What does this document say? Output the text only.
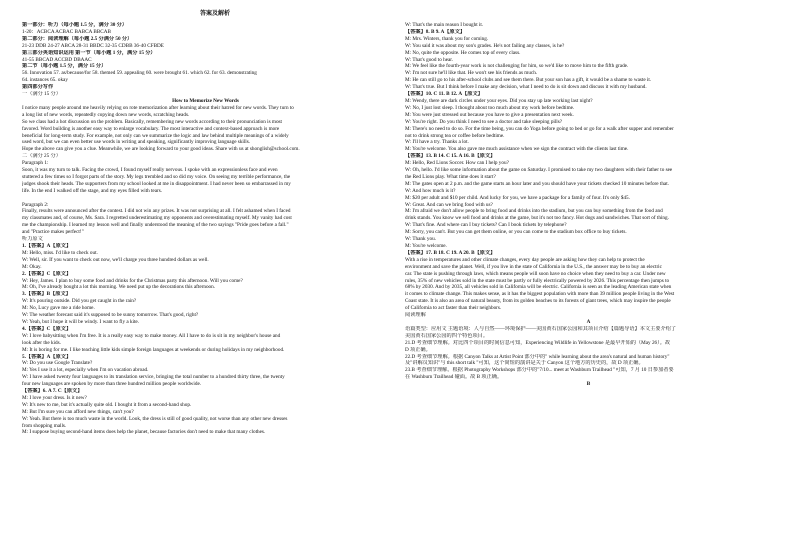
答案及解析
第一部分：听力（每小题 1.5 分，满分 30 分）
1-20：ACBCA ACBAC BABCA BBCAB
第二部分：阅读理解（每小题 2.5 分满分 50 分）
21-23 DDB 24-27 ABCA 28-31 BBDC 32-35 CDBB 36-40 CFBDE
第三部分英语知识运用 第一节（每小题 1 分，满分 15 分）
41-55 BBCAD ACCBD DBAAC
第二节（每小题 1.5 分，满分 15 分）
56. Innovation 57. as/because/for 58. themed 59. appealing 60. were brought 61. which 62. for 63. demonstrating
64. instances 65. okay
第四部分写作
一（满分 15 分）
How to Memorize New Words
I notice many people around me heavily relying on rote memorization after learning about their hatred for new words. They turn to
a long list of new words, repeatedly copying down new words, scratching heads.
So we class had a hot discussion on the problem. Basically, remembering new words according to their pronunciation is most
favored. Word building is another easy way to enlarge vocabulary. The most interactive and context-based approach is more
beneficial for long-term study. For example, not only can we summarize the logic and law behind multiple meanings of a widely
used word, but we can even better use words in writing and speaking, significantly improving language skills.
Hope the above can give you a clue. Meanwhile, we are looking forward to your good ideas. Share with us at shonglish@school.com.
二（满分 25 分）
Paragraph 1:
Soon, it was my turn to talk. Facing the crowd, I found myself really nervous. I spoke with an expressionless face and even
stuttered a few times so I forgot parts of the story. My legs trembled and so did my voice. On seeing my terrible performance, the
judges shook their heads. The supporters from my school looked at me in disappointment. I had never been so embarrassed in my
life. In the end I walked off the stage, and my eyes filled with tears.

Paragraph 2:
Finally, results were announced after the contest. I did not win any prizes. It was not surprising at all. I felt ashamed when I faced
my classmates and, of course, Ms. Sara. I regretted underestimating my opponents and overestimating myself. My vanity had cost
me the championship. I learned my lesson well and finally understood the meaning of the two sayings "Pride goes before a fall."
and "Practice makes perfect!"
听力原文
1.【答案】A【原文】
M: Hello, miss. I'd like to check out.
W: Well, sir. If you want to check out now, we'll charge you three hundred dollars as well.
M: Okay.
2.【答案】C【原文】
W: Hey, James. I plan to buy some food and drinks for the Christmas party this afternoon. Will you come?
M: Oh, I've already bought a lot this morning. We need put up the decorations this afternoon.
3.【答案】B【原文】
W: It's pouring outside. Did you get caught in the rain?
M: No, Lucy gave me a ride home.
W: The weather forecast said it's supposed to be sunny tomorrow. That's good, right?
W: Yeah, but I hope it will be windy. I want to fly a kite.
4.【答案】C【原文】
W: I love babysitting when I'm free. It is a really easy way to make money. All I have to do is sit in my neighbor's house and
look after the kids.
M: It is boring for me. I like teaching little kids simple foreign languages at weekends or during holidays in my neighborhood.
5.【答案】A【原文】
W: Do you use Google Translate?
M: Yes I use it a lot, especially when I'm on vacation abroad.
W: I have asked twenty four languages to its translation service, bringing the total number to a hundred thirty three, the twenty
four new languages are spoken by more than three hundred million people worldwide.
【答案】6. A 7. C【原文】
M: I love your dress. Is it new?
W: It's new to me, but it's actually quite old. I bought it from a second-hand shop.
M: But I'm sure you can afford new things, can't you?
W: Yeah. But there is too much waste in the world. Look, the dress is still of good quality, not worse than any other new dresses
from shopping malls.
M: I suppose buying second-hand items does help the planet, because factories don't need to make that many clothes.
W: That's the main reason I bought it.
【答案】8. B 9. A【原文】
M: Mrs. Winters, thank you for coming.
W: You said it was about my son's grades. He's not failing any classes, is he?
M: No, quite the opposite. He comes top of every class.
W: That's good to hear.
M: We feel like the fourth-year work is not challenging for him, so we'd like to move him to the fifth grade.
W: I'm not sure he'll like that. He won't see his friends as much.
M: He can still go to his after-school clubs and see them there. But your son has a gift, it would be a shame to waste it.
W: That's true. But I think before I make any decision, what I need to do is sit down and discuss it with my husband.
【答案】10. C 11. B 12. A【原文】
M: Wendy, there are dark circles under your eyes. Did you stay up late working last night?
W: No, I just lost sleep. I thought about too much about my work before bedtime.
M: You were just stressed out because you have to give a presentation next week.
W: You're right. Do you think I need to see a doctor and take sleeping pills?
M: There's no need to do so. For the time being, you can do Yoga before going to bed or go for a walk after supper and remember
not to drink strong tea or coffee before bedtime.
W: I'll have a try. Thanks a lot.
M: You're welcome. You also gave me much assistance when we sign the contract with the clients last time.
【答案】13. B 14. C 15. A 16. B【原文】
M: Hello, Red Lions Soccer. How can I help you?
W: Oh, hello. I'd like some information about the game on Saturday. I promised to take my two daughters with their father to see
the Red Lions play. What time does it start?
M: The gates open at 2 p.m. and the game starts an hour later and you should have your tickets checked 10 minutes before that.
W: And how much is it?
M: $20 per adult and $10 per child. And lucky for you, we have a package for a family of four. It's only $45.
W: Great. And can we bring food with us?
M: I'm afraid we don't allow people to bring food and drinks into the stadium, but you can buy something from the food and
drink stands. You know we sell food and drinks at the game, but it's not too fancy. Hot dogs and sandwiches. That sort of thing.
W: That's fine. And where can I buy tickets? Can I book tickets by telephone?
M: Sorry, you can't. But you can get them online, or you can come to the stadium box office to buy tickets.
W: Thank you.
M: You're welcome.
【答案】17. B 18. C 19. A 20. B【原文】
With a rise in temperatures and other climate changes, every day people are asking how they can help to protect the
environment and save the planet. Well, if you live in the state of California in the U.S., the answer may be to buy an electric
car. The state is pushing through laws, which means people will soon have no choice when they need to buy a car. Under new
rules, 35% of new vehicles sold in the state must be partly or fully electrically powered by 2026. This percentage then jumps to
68% by 2030. And by 2035, all vehicles sold in California will be electric. California is seen as the leading American state when
it comes to climate change. This makes sense, as it has the biggest population with more than 39 million people living in the West
Coast state. It is also an area of natural beauty, from its golden beaches to its forests of giant trees, which may inspire the people
of California to act faster than their neighbors.
阅读理解
A
语篇类型：应用文 主题语境：人与自然——环境保护——美国黄石国家公园和其项目介绍【篇题导语】本文主要介绍了
美国黄石国家公园的四个特色项目。
21.D 考查细节理解。对比四个项目的时间信息可知，Experiencing Wildlife in Yellowstone 是最早开始的（May 26）。故
D 项正确。
22.D 考查细节理解。根据 Canyon Talks at Artist Point 部分中的" while learning about the area's natural and human history"
及"讲解员知识"与 this short talk "可知，这个简短的演讲是关于 Canyon 这个地方的历史的，故 D 项正确。
23.B 考查细节理解。根据 Photography Workshops 部分中的"7/10... meet at Washburn Trailhead "可知，7 月 10 日参加者要
在 Washburn Trailhead 碰面。故 B 项正确。
B
